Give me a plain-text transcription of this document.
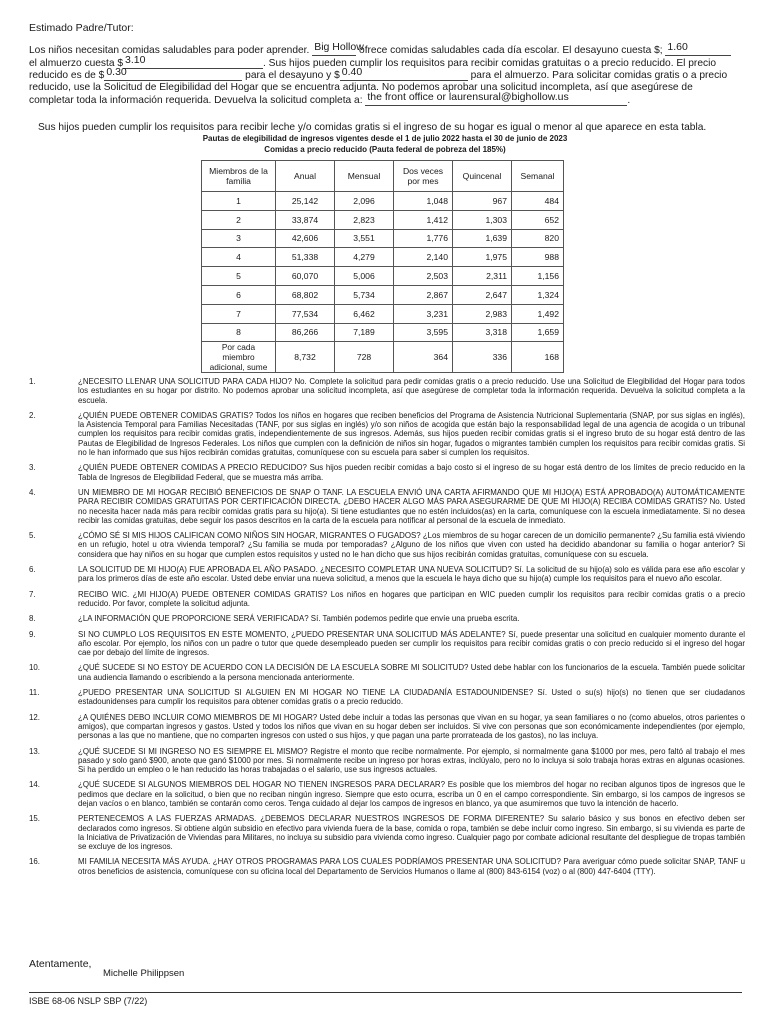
Estimado Padre/Tutor:
Los niños necesitan comidas saludables para poder aprender. Big Hollow ofrece comidas saludables cada día escolar. El desayuno cuesta $; 1.60
el almuerzo cuesta $ 3.10	. Sus hijos pueden cumplir los requisitos para recibir comidas gratuitas o a precio reducido. El precio
reducido es de $ 0.30	para el desayuno y $ 0.40	para el almuerzo. Para solicitar comidas gratis o a precio
reducido, use la Solicitud de Elegibilidad del Hogar que se encuentra adjunta. No podemos aprobar una solicitud incompleta, así que asegúrese de
completar toda la información requerida. Devuelva la solicitud completa a: the front office or laurensural@bighollow.us	.
Sus hijos pueden cumplir los requisitos para recibir leche y/o comidas gratis si el ingreso de su hogar es igual o menor al que aparece en esta tabla.
Pautas de elegibilidad de ingresos vigentes desde el 1 de julio 2022 hasta el 30 de junio de 2023
Comidas a precio reducido (Pauta federal de pobreza del 185%)
Miembros de la familia	Anual	Mensual	Dos veces por mes	Quincenal	Semanal
1	25,142	2,096	1,048	967	484
2	33,874	2,823	1,412	1,303	652
3	42,606	3,551	1,776	1,639	820
4	51,338	4,279	2,140	1,975	988
5	60,070	5,006	2,503	2,311	1,156
6	68,802	5,734	2,867	2,647	1,324
7	77,534	6,462	3,231	2,983	1,492
8	86,266	7,189	3,595	3,318	1,659
Por cada miembro adicional, sume	8,732	728	364	336	168
1.	¿NECESITO LLENAR UNA SOLICITUD PARA CADA HIJO? No. Complete la solicitud para pedir comidas gratis o a precio reducido. Use una Solicitud de Elegibilidad del Hogar para todos los estudiantes en su hogar por distrito. No podemos aprobar una solicitud incompleta, así que asegúrese de completar toda la información requerida. Devuelva la solicitud completa a la escuela.
2.	¿QUIÉN PUEDE OBTENER COMIDAS GRATIS? Todos los niños en hogares que reciben beneficios del Programa de Asistencia Nutricional Suplementaria (SNAP, por sus siglas en inglés), la Asistencia Temporal para Familias Necesitadas (TANF, por sus siglas en inglés) y/o son niños de acogida que están bajo la responsabilidad legal de una agencia de acogida o un tribunal cumplen los requisitos para recibir comidas gratis, independientemente de sus ingresos. Además, sus hijos pueden recibir comidas gratis si el ingreso bruto de su hogar está dentro de las Pautas de Elegibilidad de Ingresos Federales. Los niños que cumplen con la definición de niños sin hogar, fugados o migrantes también cumplen los requisitos para recibir comidas gratis. Si no le han informado que sus hijos recibirán comidas gratuitas, comuníquese con su escuela para saber si cumplen los requisitos.
3.	¿QUIÉN PUEDE OBTENER COMIDAS A PRECIO REDUCIDO? Sus hijos pueden recibir comidas a bajo costo si el ingreso de su hogar está dentro de los límites de precio reducido en la Tabla de Ingresos de Elegibilidad Federal, que se muestra más arriba.
4.	UN MIEMBRO DE MI HOGAR RECIBIÓ BENEFICIOS DE SNAP O TANF. LA ESCUELA ENVIÓ UNA CARTA AFIRMANDO QUE MI HIJO(A) ESTÁ APROBADO(A) AUTOMÁTICAMENTE PARA RECIBIR COMIDAS GRATUITAS POR CERTIFICACIÓN DIRECTA. ¿DEBO HACER ALGO MÁS PARA ASEGURARME DE QUE MI HIJO(A) RECIBA COMIDAS GRATIS? No. Usted no necesita hacer nada más para recibir comidas gratis para su hijo(a). Si tiene estudiantes que no estén incluidos(as) en la carta, comuníquese con la escuela inmediatamente. Si no desea recibir las comidas gratuitas, debe seguir los pasos descritos en la carta de la escuela para notificar al personal de la escuela de inmediato.
5.	¿CÓMO SÉ SI MIS HIJOS CALIFICAN COMO NIÑOS SIN HOGAR, MIGRANTES O FUGADOS? ¿Los miembros de su hogar carecen de un domicilio permanente? ¿Su familia está viviendo en un refugio, hotel u otra vivienda temporal? ¿Su familia se muda por temporadas? ¿Alguno de los niños que viven con usted ha decidido abandonar su familia o hogar anterior? Si considera que hay niños en su hogar que cumplen estos requisitos y usted no le han dicho que sus hijos recibirán comidas gratuitas, comuníquese con su escuela.
6.	LA SOLICITUD DE MI HIJO(A) FUE APROBADA EL AÑO PASADO. ¿NECESITO COMPLETAR UNA NUEVA SOLICITUD? Sí. La solicitud de su hijo(a) solo es válida para ese año escolar y para los primeros días de este año escolar. Usted debe enviar una nueva solicitud, a menos que la escuela le haya dicho que su hijo(a) cumple los requisitos para el nuevo año escolar.
7.	RECIBO WIC. ¿MI HIJO(A) PUEDE OBTENER COMIDAS GRATIS? Los niños en hogares que participan en WIC pueden cumplir los requisitos para recibir comidas gratis o a precio reducido. Por favor, complete la solicitud adjunta.
8.	¿LA INFORMACIÓN QUE PROPORCIONE SERÁ VERIFICADA? Sí. También podemos pedirle que envíe una prueba escrita.
9.	SI NO CUMPLO LOS REQUISITOS EN ESTE MOMENTO, ¿PUEDO PRESENTAR UNA SOLICITUD MÁS ADELANTE? Sí, puede presentar una solicitud en cualquier momento durante el año escolar. Por ejemplo, los niños con un padre o tutor que quede desempleado pueden ser cumplir los requisitos para recibir comidas gratis o con precio reducido si el ingreso del hogar cae por debajo del límite de ingresos.
10.	¿QUÉ SUCEDE SI NO ESTOY DE ACUERDO CON LA DECISIÓN DE LA ESCUELA SOBRE MI SOLICITUD? Usted debe hablar con los funcionarios de la escuela. También puede solicitar una audiencia llamando o escribiendo a la persona mencionada anteriormente.
11.	¿PUEDO PRESENTAR UNA SOLICITUD SI ALGUIEN EN MI HOGAR NO TIENE LA CIUDADANÍA ESTADOUNIDENSE? Sí. Usted o su(s) hijo(s) no tienen que ser ciudadanos estadounidenses para cumplir los requisitos para obtener comidas gratis o a precio reducido.
12.	¿A QUIÉNES DEBO INCLUIR COMO MIEMBROS DE MI HOGAR? Usted debe incluir a todas las personas que vivan en su hogar, ya sean familiares o no (como abuelos, otros parientes o amigos), que compartan ingresos y gastos. Usted y todos los niños que vivan en su hogar deben ser incluidos. Si vive con personas que son económicamente independientes (por ejemplo, personas a las que no mantiene, que no comparten ingresos con usted o sus hijos, y que pagan una parte prorrateada de los gastos), no las incluya.
13.	¿QUÉ SUCEDE SI MI INGRESO NO ES SIEMPRE EL MISMO? Registre el monto que recibe normalmente. Por ejemplo, si normalmente gana $1000 por mes, pero faltó al trabajo el mes pasado y solo ganó $900, anote que ganó $1000 por mes. Si normalmente recibe un ingreso por horas extras, inclúyalo, pero no lo incluya si solo trabaja horas extras en algunas ocasiones. Si ha perdido un empleo o le han reducido las horas trabajadas o el salario, use sus ingresos actuales.
14.	¿QUÉ SUCEDE SI ALGUNOS MIEMBROS DEL HOGAR NO TIENEN INGRESOS PARA DECLARAR? Es posible que los miembros del hogar no reciban algunos tipos de ingresos que le pedimos que declare en la solicitud, o bien que no reciban ningún ingreso. Siempre que esto ocurra, escriba un 0 en el campo correspondiente. Sin embargo, si los campos de ingresos se dejan vacíos o en blanco, también se contarán como ceros. Tenga cuidado al dejar los campos de ingresos en blanco, ya que asumiremos que tuvo la intención de hacerlo.
15.	PERTENECEMOS A LAS FUERZAS ARMADAS. ¿DEBEMOS DECLARAR NUESTROS INGRESOS DE FORMA DIFERENTE? Su salario básico y sus bonos en efectivo deben ser declarados como ingresos. Si obtiene algún subsidio en efectivo para vivienda fuera de la base, comida o ropa, también se debe incluir como ingreso. Sin embargo, si su vivienda es parte de la Iniciativa de Privatización de Viviendas para Militares, no incluya su subsidio para vivienda como ingreso. Cualquier pago por combate adicional resultante del despliegue de tropas también se excluye de los ingresos.
16.	MI FAMILIA NECESITA MÁS AYUDA. ¿HAY OTROS PROGRAMAS PARA LOS CUALES PODRÍAMOS PRESENTAR UNA SOLICITUD? Para averiguar cómo puede solicitar SNAP, TANF u otros beneficios de asistencia, comuníquese con su oficina local del Departamento de Servicios Humanos o llame al (800) 843-6154 (voz) o al (800) 447-6404 (TTY).
Atentamente,
Michelle Philippsen
ISBE 68-06 NSLP SBP (7/22)
